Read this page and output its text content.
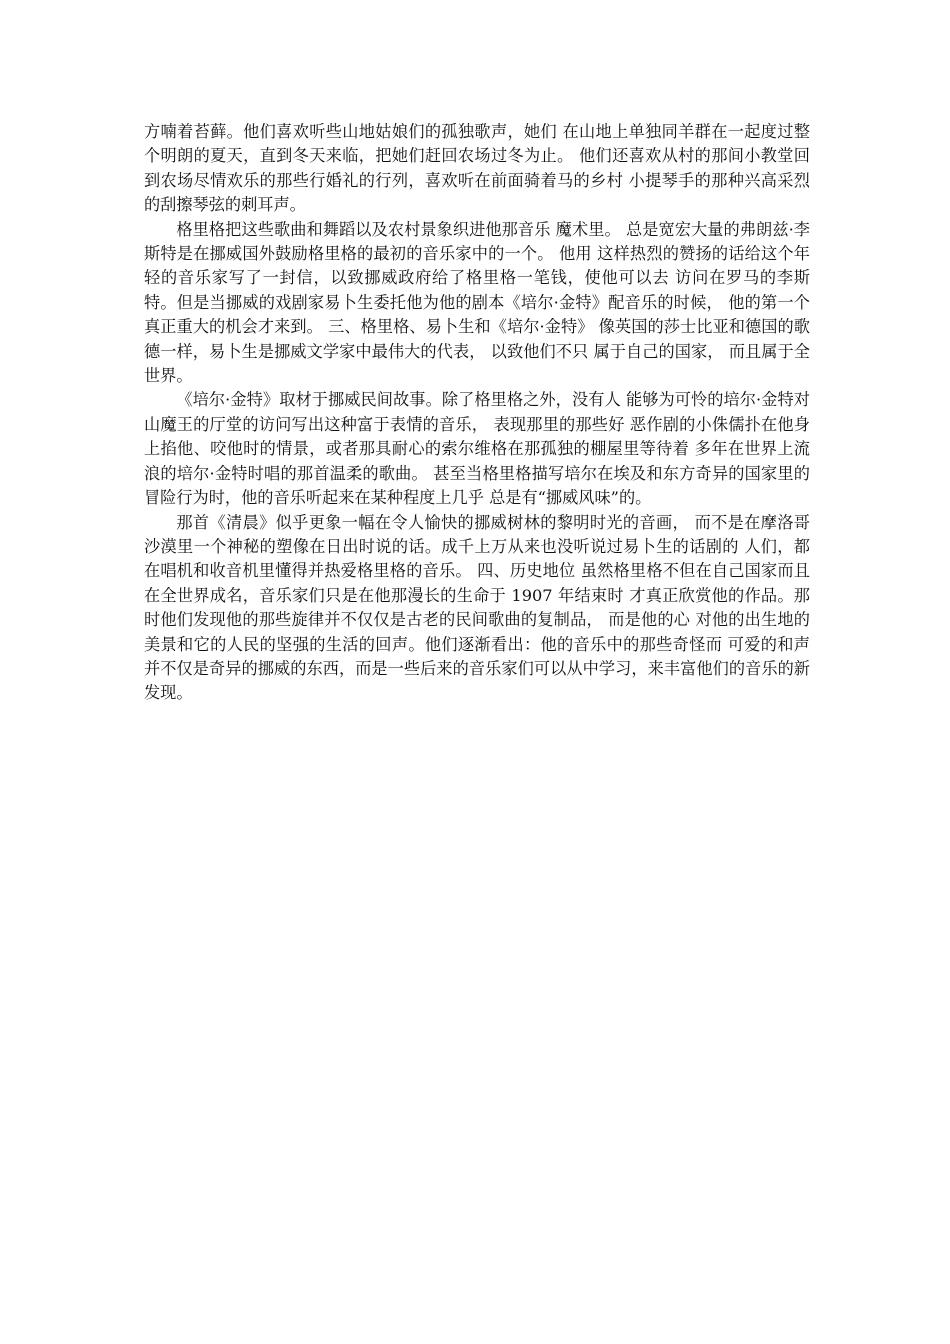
方喃着苔藓。他们喜欢听些山地姑娘们的孤独歌声，她们 在山地上单独同羊群在一起度过整个明朗的夏天，直到冬天来临，把她们赶回农场过冬为止。 他们还喜欢从村的那间小教堂回到农场尽情欢乐的那些行婚礼的行列，喜欢听在前面骑着马的乡村 小提琴手的那种兴高采烈的刮擦琴弦的刺耳声。

格里格把这些歌曲和舞蹈以及农村景象织进他那音乐 魔术里。 总是宽宏大量的弗朗兹·李斯特是在挪威国外鼓励格里格的最初的音乐家中的一个。 他用 这样热烈的赞扬的话给这个年轻的音乐家写了一封信，以致挪威政府给了格里格一笔钱，使他可以去 访问在罗马的李斯特。但是当挪威的戏剧家易卜生委托他为他的剧本《培尔·金特》配音乐的时候， 他的第一个真正重大的机会才来到。 三、格里格、易卜生和《培尔·金特》 像英国的莎士比亚和德国的歌德一样，易卜生是挪威文学家中最伟大的代表， 以致他们不只 属于自己的国家， 而且属于全世界。

《培尔·金特》取材于挪威民间故事。除了格里格之外，没有人 能够为可怜的培尔·金特对山魔王的厅堂的访问写出这种富于表情的音乐， 表现那里的那些好 恶作剧的小侏儒扑在他身上掐他、咬他时的情景，或者那具耐心的索尔维格在那孤独的棚屋里等待着 多年在世界上流浪的培尔·金特时唱的那首温柔的歌曲。 甚至当格里格描写培尔在埃及和东方奇异的国家里的冒险行为时，他的音乐听起来在某种程度上几乎 总是有“挪威风味”的。

那首《清晨》似乎更象一幅在令人愉快的挪威树林的黎明时光的音画， 而不是在摩洛哥沙漠里一个神秘的塑像在日出时说的话。成千上万从来也没听说过易卜生的话剧的 人们，都在唱机和收音机里懂得并热爱格里格的音乐。 四、历史地位 虽然格里格不但在自己国家而且在全世界成名，音乐家们只是在他那漫长的生命于 1907 年结束时 才真正欣赏他的作品。那时他们发现他的那些旋律并不仅仅是古老的民间歌曲的复制品， 而是他的心 对他的出生地的美景和它的人民的坚强的生活的回声。他们逐渐看出：他的音乐中的那些奇怪而 可爱的和声并不仅是奇异的挪威的东西，而是一些后来的音乐家们可以从中学习，来丰富他们的音乐的新发现。
